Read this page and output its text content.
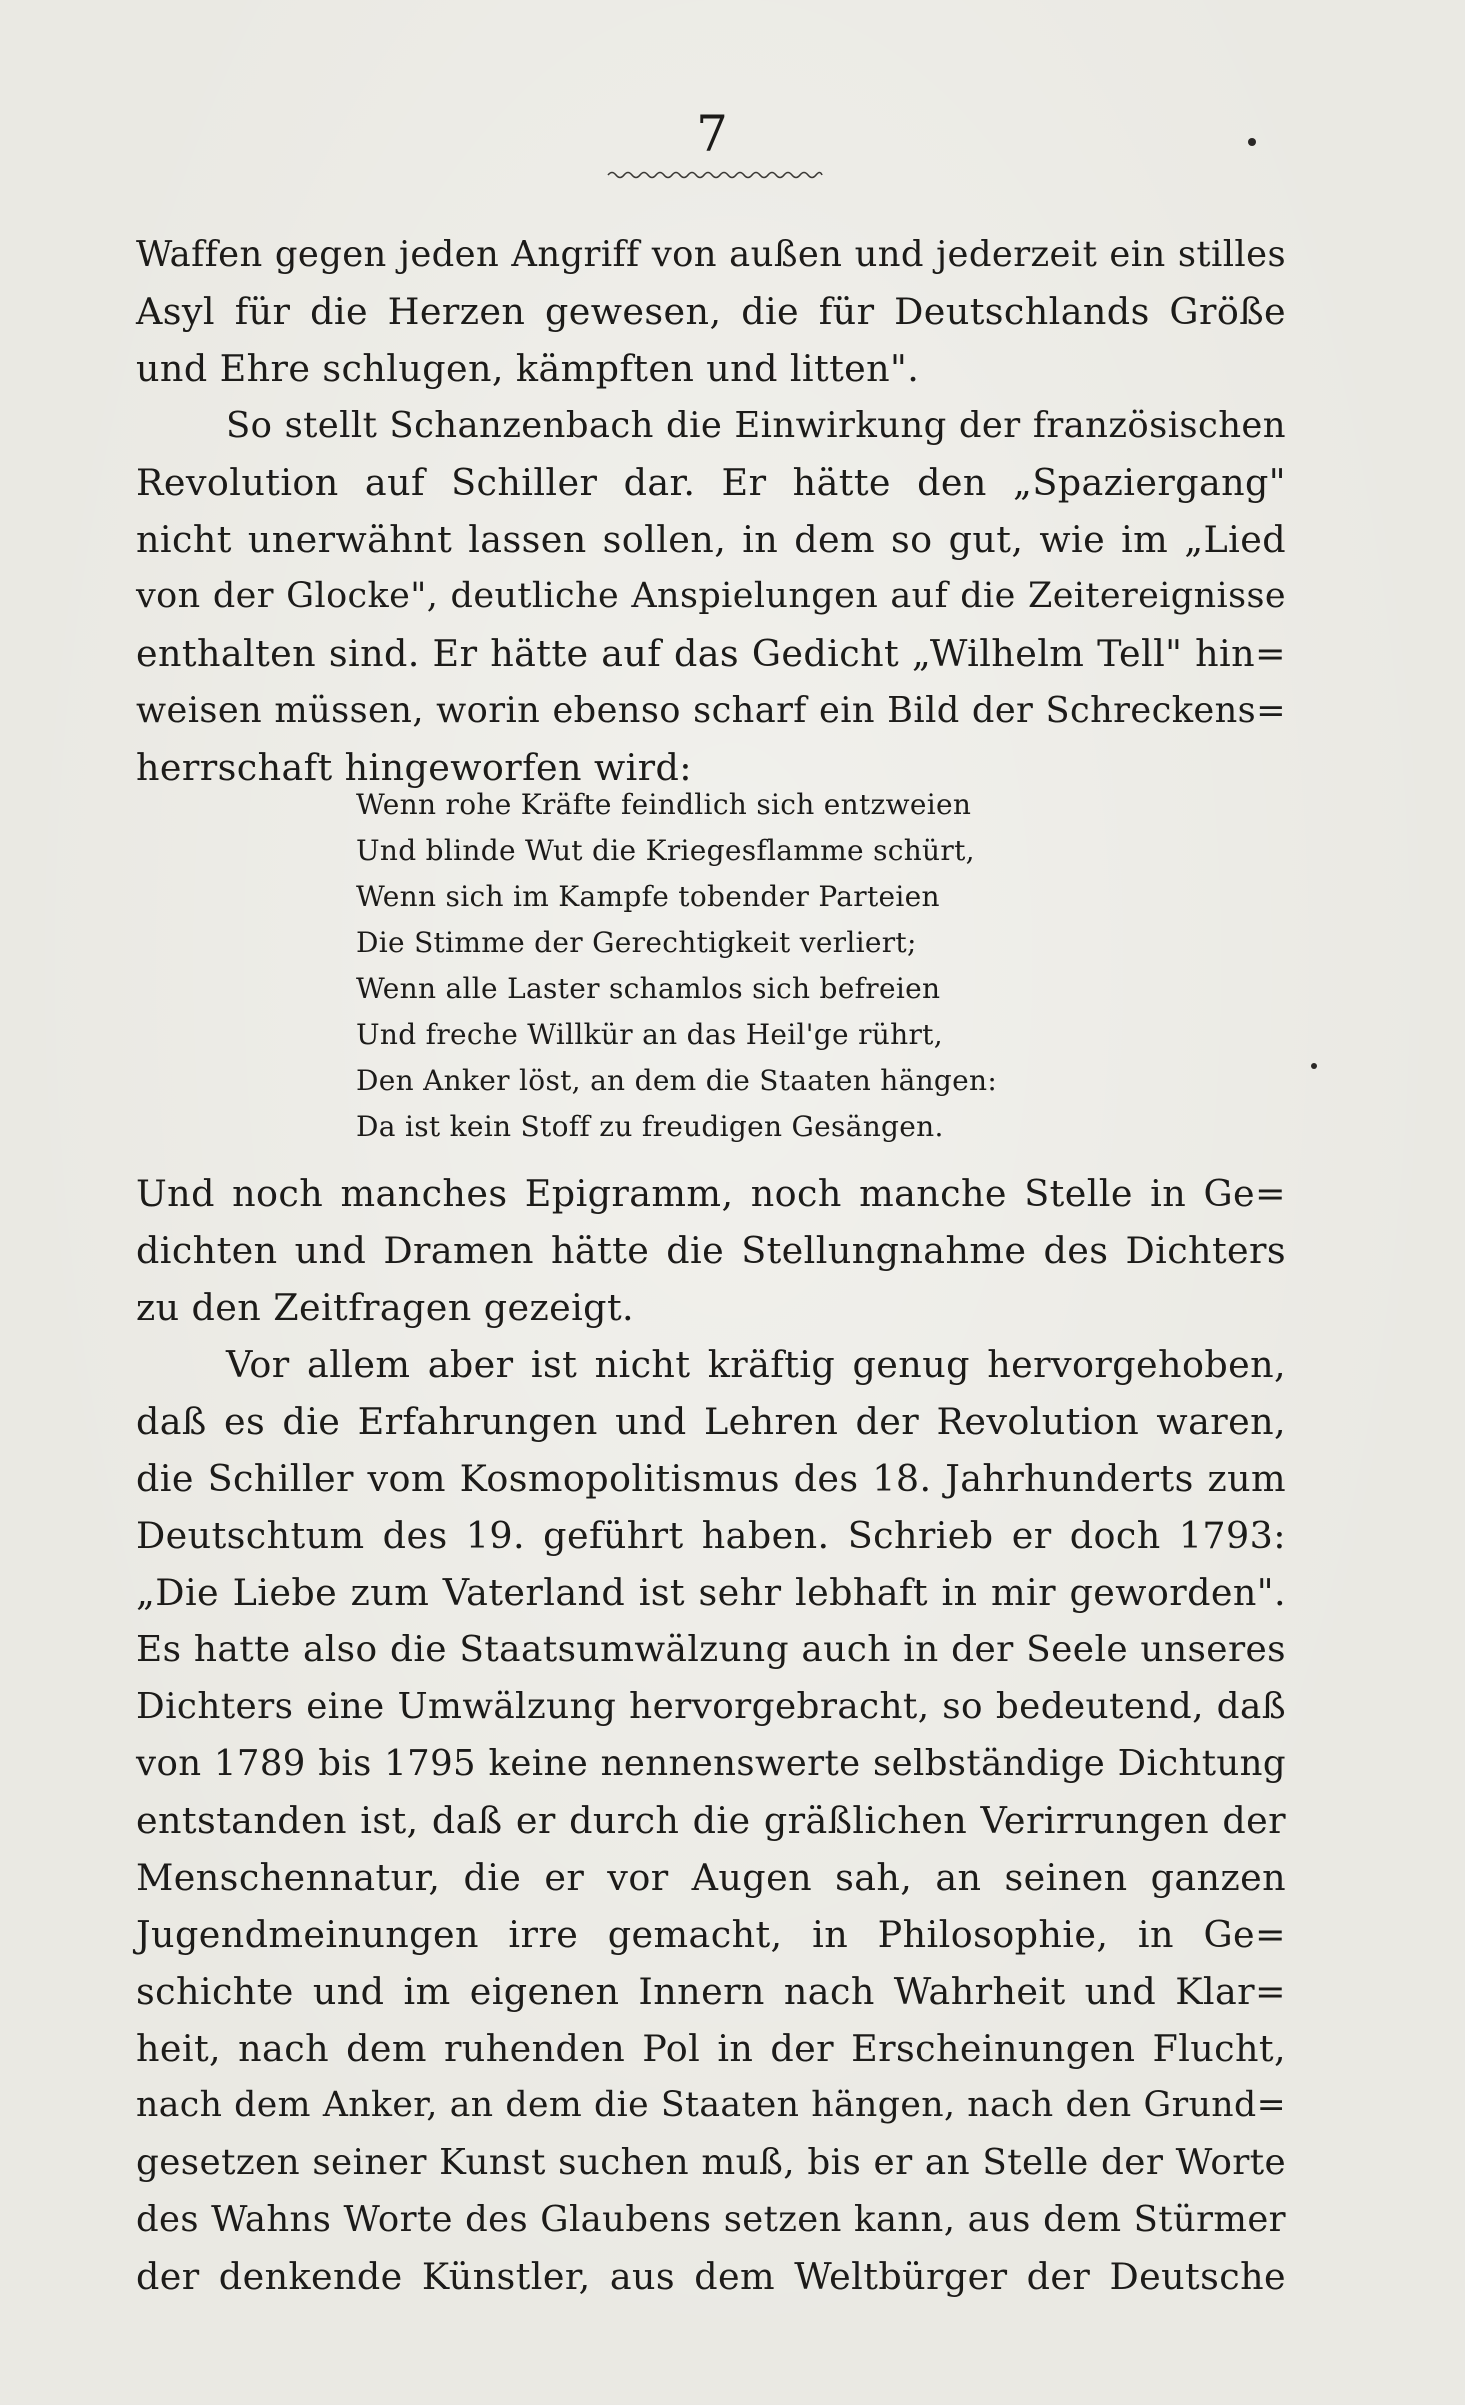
7
Waffen gegen jeden Angriff von außen und jederzeit ein stilles
Asyl für die Herzen gewesen, die für Deutschlands Größe
und Ehre schlugen, kämpften und litten".
So stellt Schanzenbach die Einwirkung der französischen
Revolution auf Schiller dar. Er hätte den „Spaziergang"
nicht unerwähnt lassen sollen, in dem so gut, wie im „Lied
von der Glocke", deutliche Anspielungen auf die Zeitereignisse
enthalten sind. Er hätte auf das Gedicht „Wilhelm Tell" hin=
weisen müssen, worin ebenso scharf ein Bild der Schreckens=
herrschaft hingeworfen wird:
Wenn rohe Kräfte feindlich sich entzweien
Und blinde Wut die Kriegesflamme schürt,
Wenn sich im Kampfe tobender Parteien
Die Stimme der Gerechtigkeit verliert;
Wenn alle Laster schamlos sich befreien
Und freche Willkür an das Heil'ge rührt,
Den Anker löst, an dem die Staaten hängen:
Da ist kein Stoff zu freudigen Gesängen.
Und noch manches Epigramm, noch manche Stelle in Ge=
dichten und Dramen hätte die Stellungnahme des Dichters
zu den Zeitfragen gezeigt.
Vor allem aber ist nicht kräftig genug hervorgehoben,
daß es die Erfahrungen und Lehren der Revolution waren,
die Schiller vom Kosmopolitismus des 18. Jahrhunderts zum
Deutschtum des 19. geführt haben. Schrieb er doch 1793:
„Die Liebe zum Vaterland ist sehr lebhaft in mir geworden".
Es hatte also die Staatsumwälzung auch in der Seele unseres
Dichters eine Umwälzung hervorgebracht, so bedeutend, daß
von 1789 bis 1795 keine nennenswerte selbständige Dichtung
entstanden ist, daß er durch die gräßlichen Verirrungen der
Menschennatur, die er vor Augen sah, an seinen ganzen
Jugendmeinungen irre gemacht, in Philosophie, in Ge=
schichte und im eigenen Innern nach Wahrheit und Klar=
heit, nach dem ruhenden Pol in der Erscheinungen Flucht,
nach dem Anker, an dem die Staaten hängen, nach den Grund=
gesetzen seiner Kunst suchen muß, bis er an Stelle der Worte
des Wahns Worte des Glaubens setzen kann, aus dem Stürmer
der denkende Künstler, aus dem Weltbürger der Deutsche
